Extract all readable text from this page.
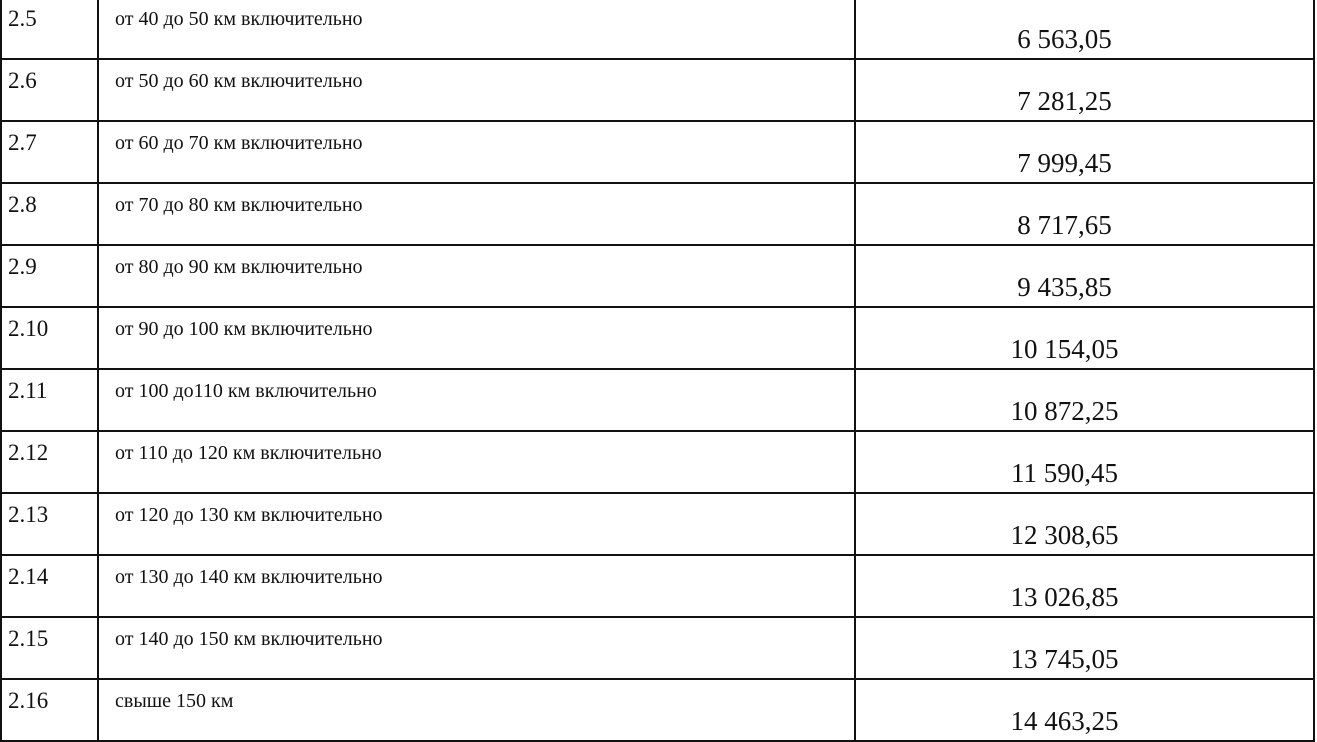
2.5	от 40 до 50 км включительно	6 563,05
2.6	от 50 до 60 км включительно	7 281,25
2.7	от 60 до 70 км включительно	7 999,45
2.8	от 70 до 80 км включительно	8 717,65
2.9	от 80 до 90 км включительно	9 435,85
2.10	от 90 до 100 км включительно	10 154,05
2.11	от 100 до110 км включительно	10 872,25
2.12	от 110 до 120 км включительно	11 590,45
2.13	от 120 до 130 км включительно	12 308,65
2.14	от 130 до 140 км включительно	13 026,85
2.15	от 140 до 150 км включительно	13 745,05
2.16	свыше 150 км	14 463,25
